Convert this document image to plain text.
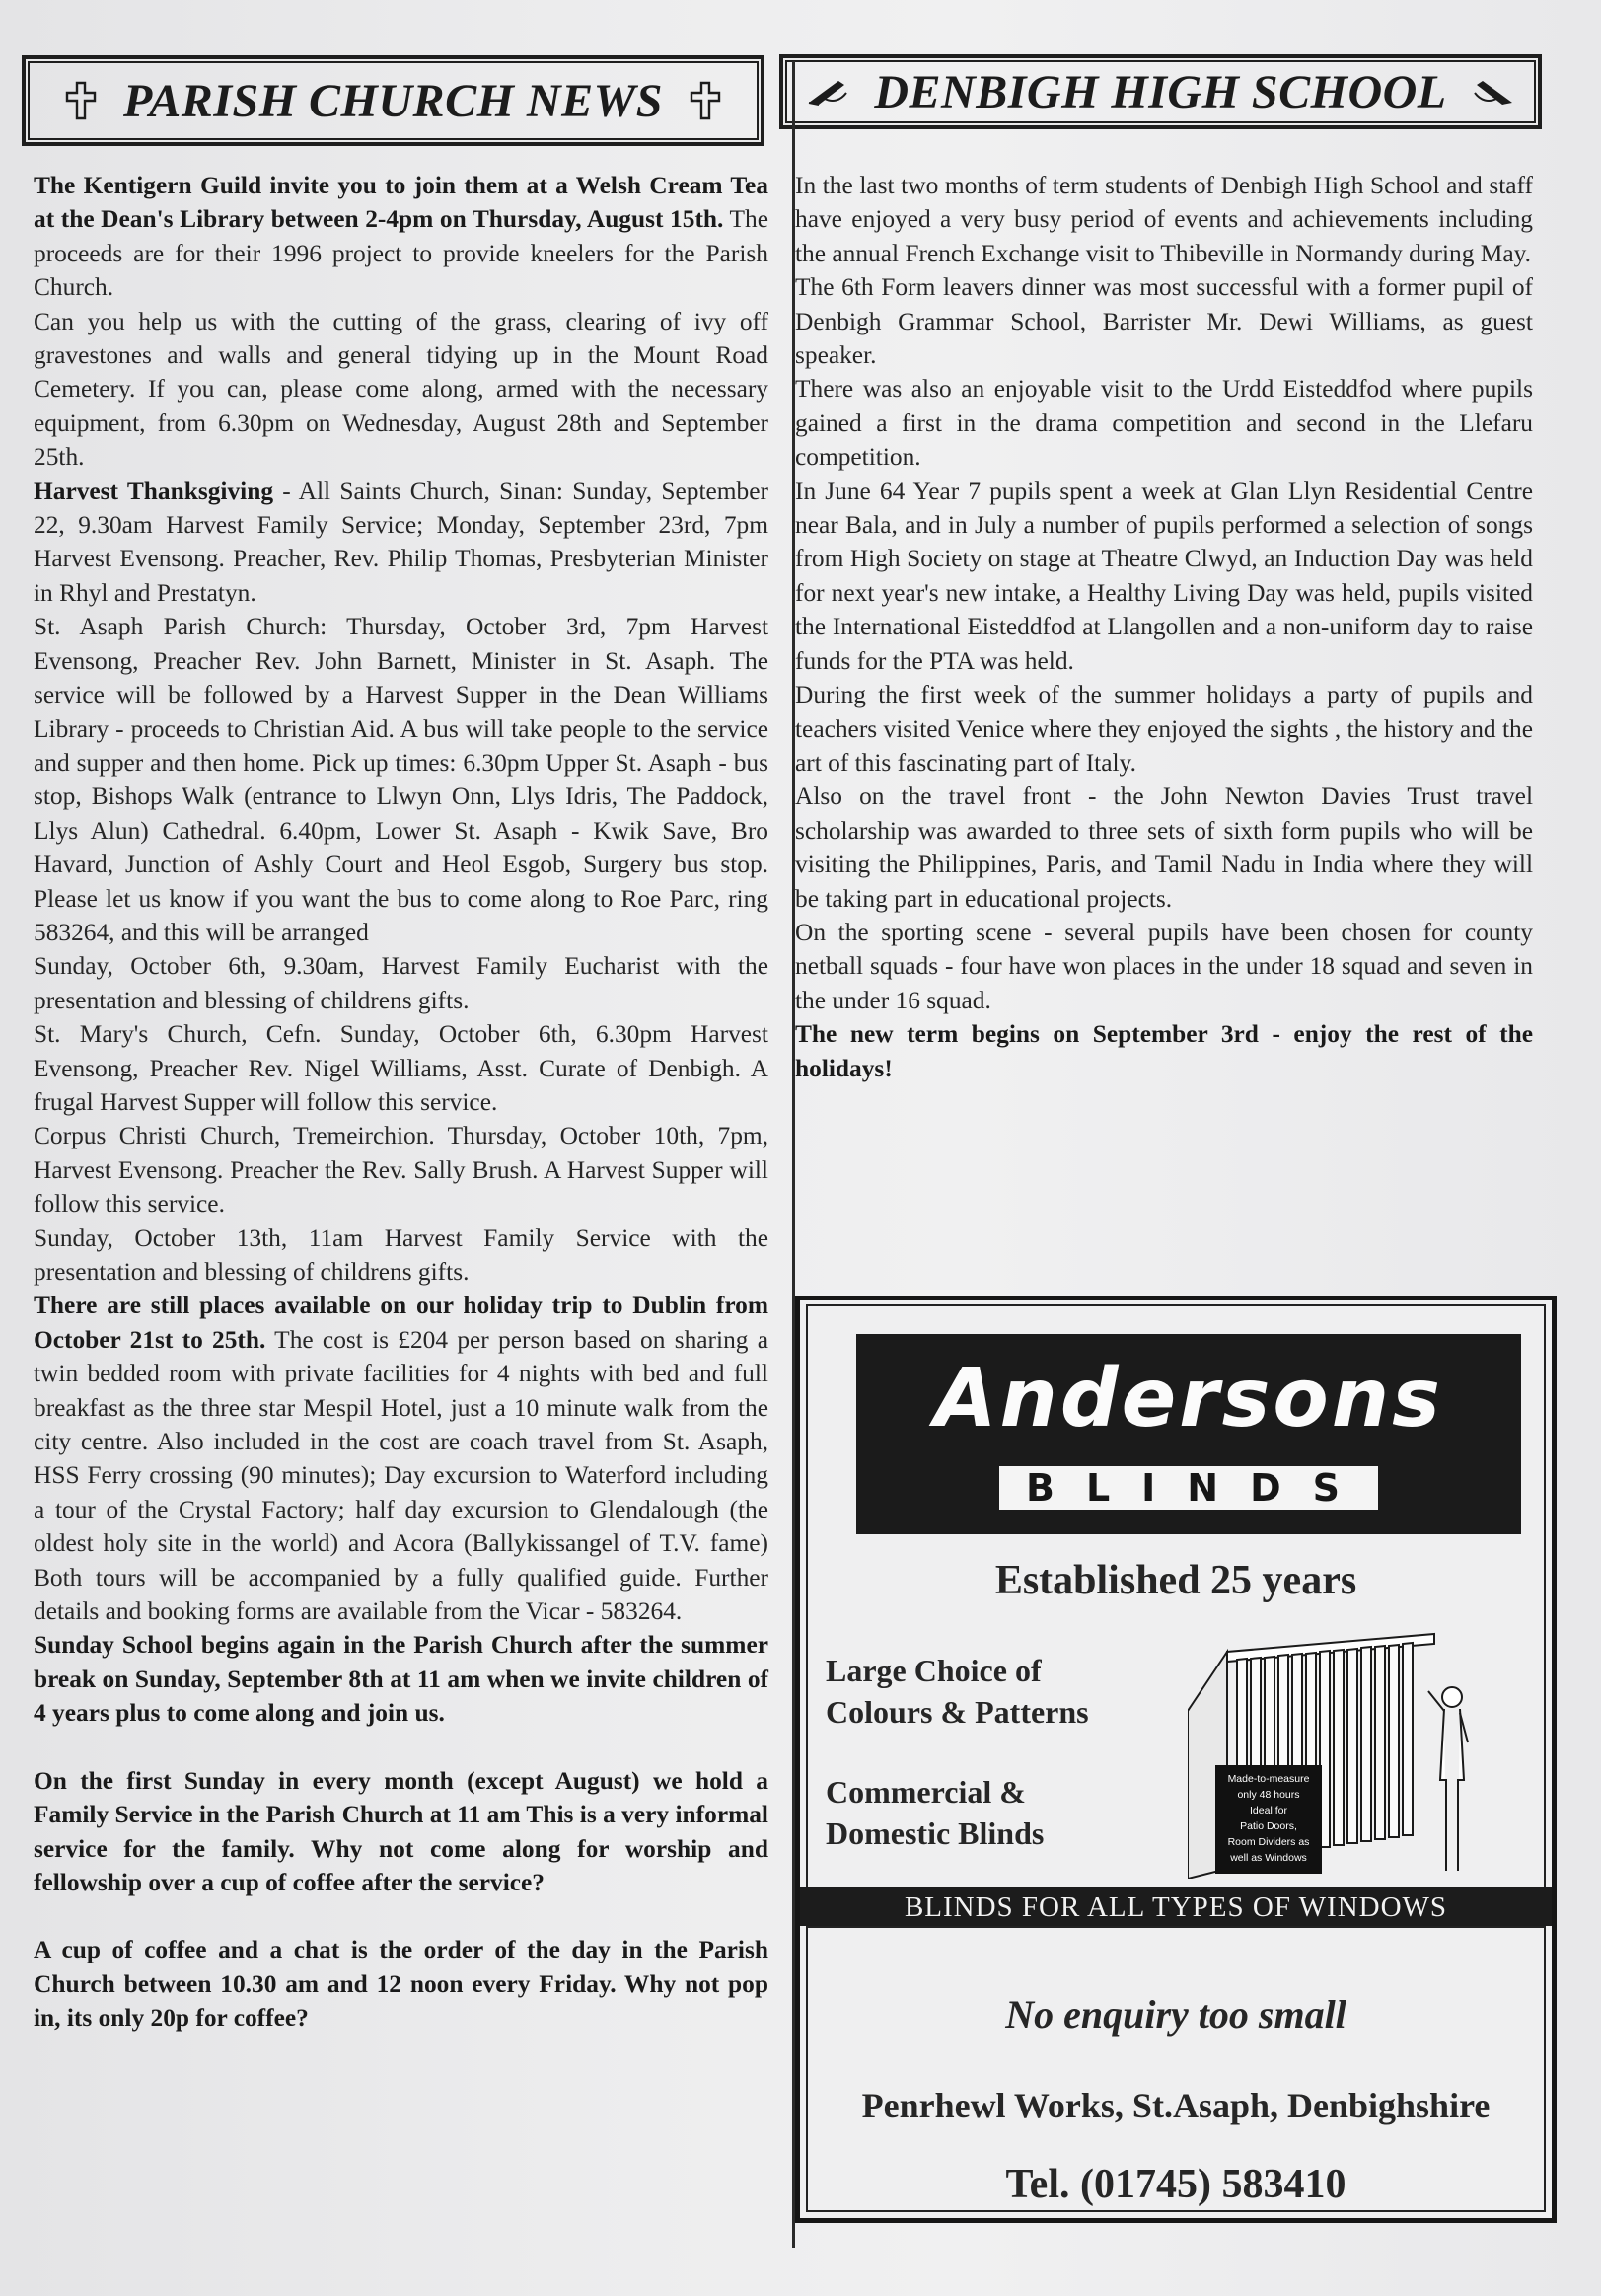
PARISH CHURCH NEWS	DENBIGH HIGH SCHOOL

The Kentigern Guild invite you to join them at a Welsh Cream Tea at the Dean's Library between 2-4pm on Thursday, August 15th. The proceeds are for their 1996 project to provide kneelers for the Parish Church.

Can you help us with the cutting of the grass, clearing of ivy off gravestones and walls and general tidying up in the Mount Road Cemetery. If you can, please come along, armed with the necessary equipment, from 6.30pm on Wednesday, August 28th and September 25th.

Harvest Thanksgiving - All Saints Church, Sinan: Sunday, September 22, 9.30am Harvest Family Service; Monday, September 23rd, 7pm Harvest Evensong. Preacher, Rev. Philip Thomas, Presbyterian Minister in Rhyl and Prestatyn.

St. Asaph Parish Church: Thursday, October 3rd, 7pm Harvest Evensong, Preacher Rev. John Barnett, Minister in St. Asaph. The service will be followed by a Harvest Supper in the Dean Williams Library - proceeds to Christian Aid. A bus will take people to the service and supper and then home. Pick up times: 6.30pm Upper St. Asaph - bus stop, Bishops Walk (entrance to Llwyn Onn, Llys Idris, The Paddock, Llys Alun) Cathedral. 6.40pm, Lower St. Asaph - Kwik Save, Bro Havard, Junction of Ashly Court and Heol Esgob, Surgery bus stop. Please let us know if you want the bus to come along to Roe Parc, ring 583264, and this will be arranged

Sunday, October 6th, 9.30am, Harvest Family Eucharist with the presentation and blessing of childrens gifts.

St. Mary's Church, Cefn. Sunday, October 6th, 6.30pm Harvest Evensong, Preacher Rev. Nigel Williams, Asst. Curate of Denbigh. A frugal Harvest Supper will follow this service.

Corpus Christi Church, Tremeirchion. Thursday, October 10th, 7pm, Harvest Evensong. Preacher the Rev. Sally Brush. A Harvest Supper will follow this service.

Sunday, October 13th, 11am Harvest Family Service with the presentation and blessing of childrens gifts.

There are still places available on our holiday trip to Dublin from October 21st to 25th. The cost is £204 per person based on sharing a twin bedded room with private facilities for 4 nights with bed and full breakfast as the three star Mespil Hotel, just a 10 minute walk from the city centre. Also included in the cost are coach travel from St. Asaph, HSS Ferry crossing (90 minutes); Day excursion to Waterford including a tour of the Crystal Factory; half day excursion to Glendalough (the oldest holy site in the world) and Acora (Ballykissangel of T.V. fame) Both tours will be accompanied by a fully qualified guide. Further details and booking forms are available from the Vicar - 583264.

Sunday School begins again in the Parish Church after the summer break on Sunday, September 8th at 11 am when we invite children of 4 years plus to come along and join us.

On the first Sunday in every month (except August) we hold a Family Service in the Parish Church at 11 am This is a very informal service for the family. Why not come along for worship and fellowship over a cup of coffee after the service?

A cup of coffee and a chat is the order of the day in the Parish Church between 10.30 am and 12 noon every Friday. Why not pop in, its only 20p for coffee?

In the last two months of term students of Denbigh High School and staff have enjoyed a very busy period of events and achievements including the annual French Exchange visit to Thibeville in Normandy during May.

The 6th Form leavers dinner was most successful with a former pupil of Denbigh Grammar School, Barrister Mr. Dewi Williams, as guest speaker.

There was also an enjoyable visit to the Urdd Eisteddfod where pupils gained a first in the drama competition and second in the Llefaru competition.

In June 64 Year 7 pupils spent a week at Glan Llyn Residential Centre near Bala, and in July a number of pupils performed a selection of songs from High Society on stage at Theatre Clwyd, an Induction Day was held for next year's new intake, a Healthy Living Day was held, pupils visited the International Eisteddfod at Llangollen and a non-uniform day to raise funds for the PTA was held.

During the first week of the summer holidays a party of pupils and teachers visited Venice where they enjoyed the sights , the history and the art of this fascinating part of Italy.

Also on the travel front - the John Newton Davies Trust travel scholarship was awarded to three sets of sixth form pupils who will be visiting the Philippines, Paris, and Tamil Nadu in India where they will be taking part in educational projects.

On the sporting scene - several pupils have been chosen for county netball squads - four have won places in the under 18 squad and seven in the under 16 squad.

The new term begins on September 3rd - enjoy the rest of the holidays!

Andersons
BLINDS
Established 25 years
Large Choice of
Colours & Patterns
Commercial &
Domestic Blinds
Made-to-measure
only 48 hours
Ideal for
Patio Doors,
Room Dividers as
well as Windows
BLINDS FOR ALL TYPES OF WINDOWS
No enquiry too small
Penrhewl Works, St.Asaph, Denbighshire
Tel. (01745) 583410
